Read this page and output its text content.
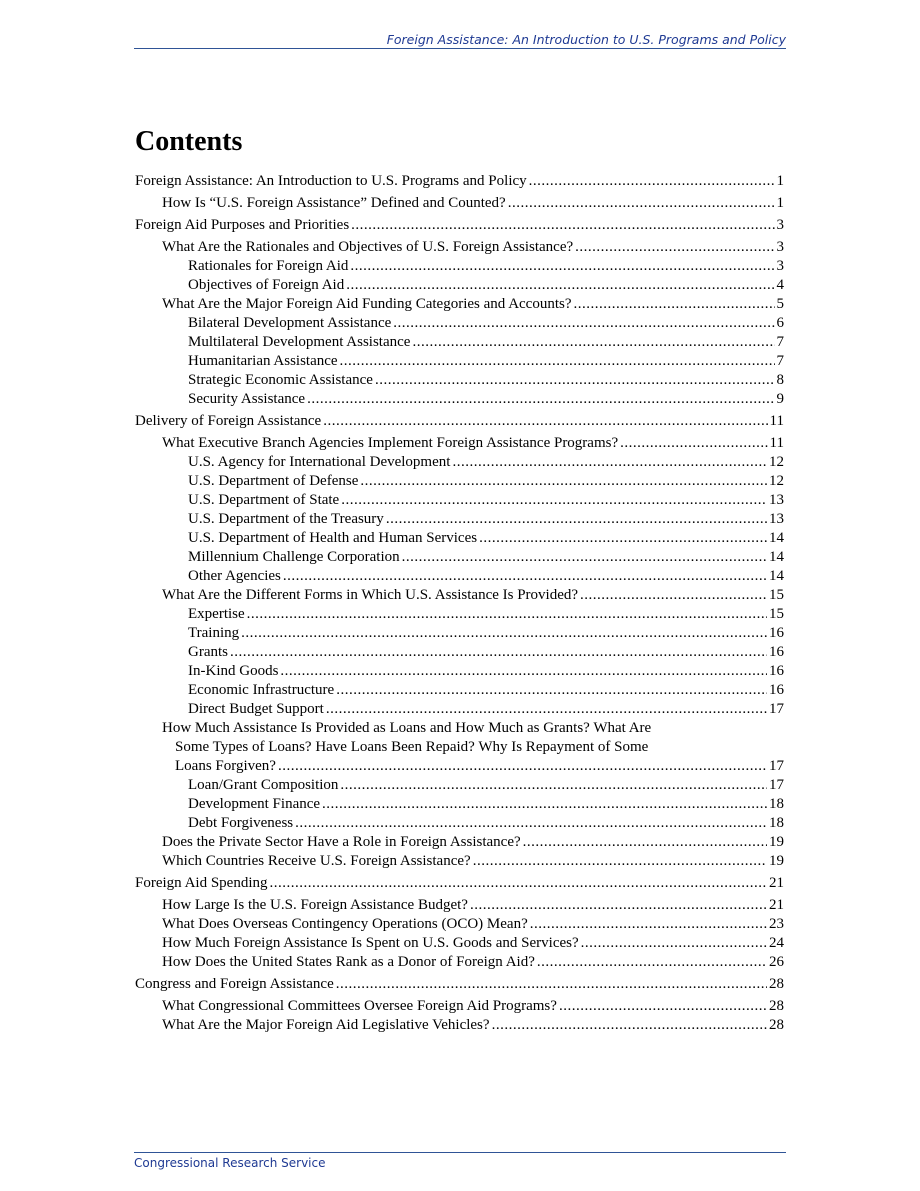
Foreign Assistance: An Introduction to U.S. Programs and Policy
Contents
Foreign Assistance: An Introduction to U.S. Programs and Policy .....	1
How Is “U.S. Foreign Assistance” Defined and Counted? .....	1
Foreign Aid Purposes and Priorities .....	3
What Are the Rationales and Objectives of U.S. Foreign Assistance? .....	3
Rationales for Foreign Aid .....	3
Objectives of Foreign Aid .....	4
What Are the Major Foreign Aid Funding Categories and Accounts? .....	5
Bilateral Development Assistance .....	6
Multilateral Development Assistance .....	7
Humanitarian Assistance .....	7
Strategic Economic Assistance .....	8
Security Assistance .....	9
Delivery of Foreign Assistance .....	11
What Executive Branch Agencies Implement Foreign Assistance Programs? .....	11
U.S. Agency for International Development .....	12
U.S. Department of Defense .....	12
U.S. Department of State .....	13
U.S. Department of the Treasury .....	13
U.S. Department of Health and Human Services .....	14
Millennium Challenge Corporation .....	14
Other Agencies .....	14
What Are the Different Forms in Which U.S. Assistance Is Provided? .....	15
Expertise .....	15
Training .....	16
Grants .....	16
In-Kind Goods .....	16
Economic Infrastructure .....	16
Direct Budget Support .....	17
How Much Assistance Is Provided as Loans and How Much as Grants? What Are
Some Types of Loans? Have Loans Been Repaid? Why Is Repayment of Some
Loans Forgiven? .....	17
Loan/Grant Composition .....	17
Development Finance .....	18
Debt Forgiveness .....	18
Does the Private Sector Have a Role in Foreign Assistance? .....	19
Which Countries Receive U.S. Foreign Assistance? .....	19
Foreign Aid Spending .....	21
How Large Is the U.S. Foreign Assistance Budget? .....	21
What Does Overseas Contingency Operations (OCO) Mean? .....	23
How Much Foreign Assistance Is Spent on U.S. Goods and Services? .....	24
How Does the United States Rank as a Donor of Foreign Aid? .....	26
Congress and Foreign Assistance .....	28
What Congressional Committees Oversee Foreign Aid Programs? .....	28
What Are the Major Foreign Aid Legislative Vehicles? .....	28
Congressional Research Service
